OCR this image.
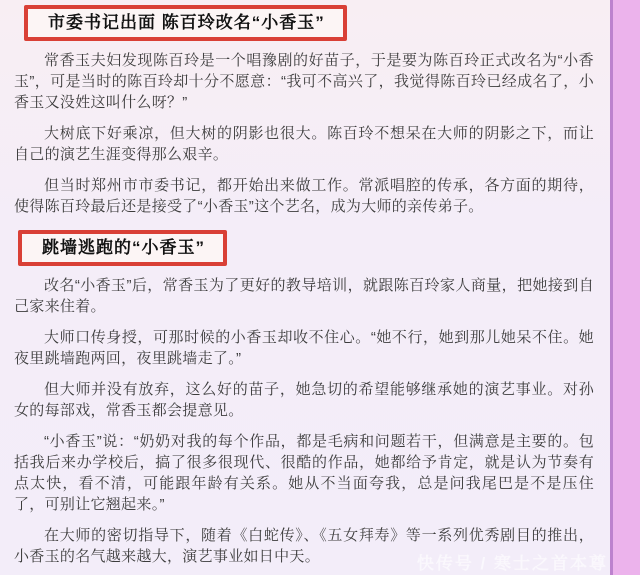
市委书记出面 陈百玲改名“小香玉”

常香玉夫妇发现陈百玲是一个唱豫剧的好苗子，于是要为陈百玲正式改名为“小香玉”，可是当时的陈百玲却十分不愿意：“我可不高兴了，我觉得陈百玲已经成名了，小香玉又没姓这叫什么呀？”

大树底下好乘凉，但大树的阴影也很大。陈百玲不想呆在大师的阴影之下，而让自己的演艺生涯变得那么艰辛。

但当时郑州市市委书记，都开始出来做工作。常派唱腔的传承，各方面的期待，使得陈百玲最后还是接受了“小香玉”这个艺名，成为大师的亲传弟子。

跳墙逃跑的“小香玉”

改名“小香玉”后，常香玉为了更好的教导培训，就跟陈百玲家人商量，把她接到自己家来住着。

大师口传身授，可那时候的小香玉却收不住心。“她不行，她到那儿她呆不住。她夜里跳墙跑两回，夜里跳墙走了。”

但大师并没有放弃，这么好的苗子，她急切的希望能够继承她的演艺事业。对孙女的每部戏，常香玉都会提意见。

“小香玉”说：“奶奶对我的每个作品，都是毛病和问题若干，但满意是主要的。包括我后来办学校后，搞了很多很现代、很酷的作品，她都给予肯定，就是认为节奏有点太快，看不清，可能跟年龄有关系。她从不当面夸我，总是问我尾巴是不是压住了，可别让它翘起来。”

在大师的密切指导下，随着《白蛇传》、《五女拜寿》等一系列优秀剧目的推出，小香玉的名气越来越大，演艺事业如日中天。	快传号 / 寒士之首本尊
